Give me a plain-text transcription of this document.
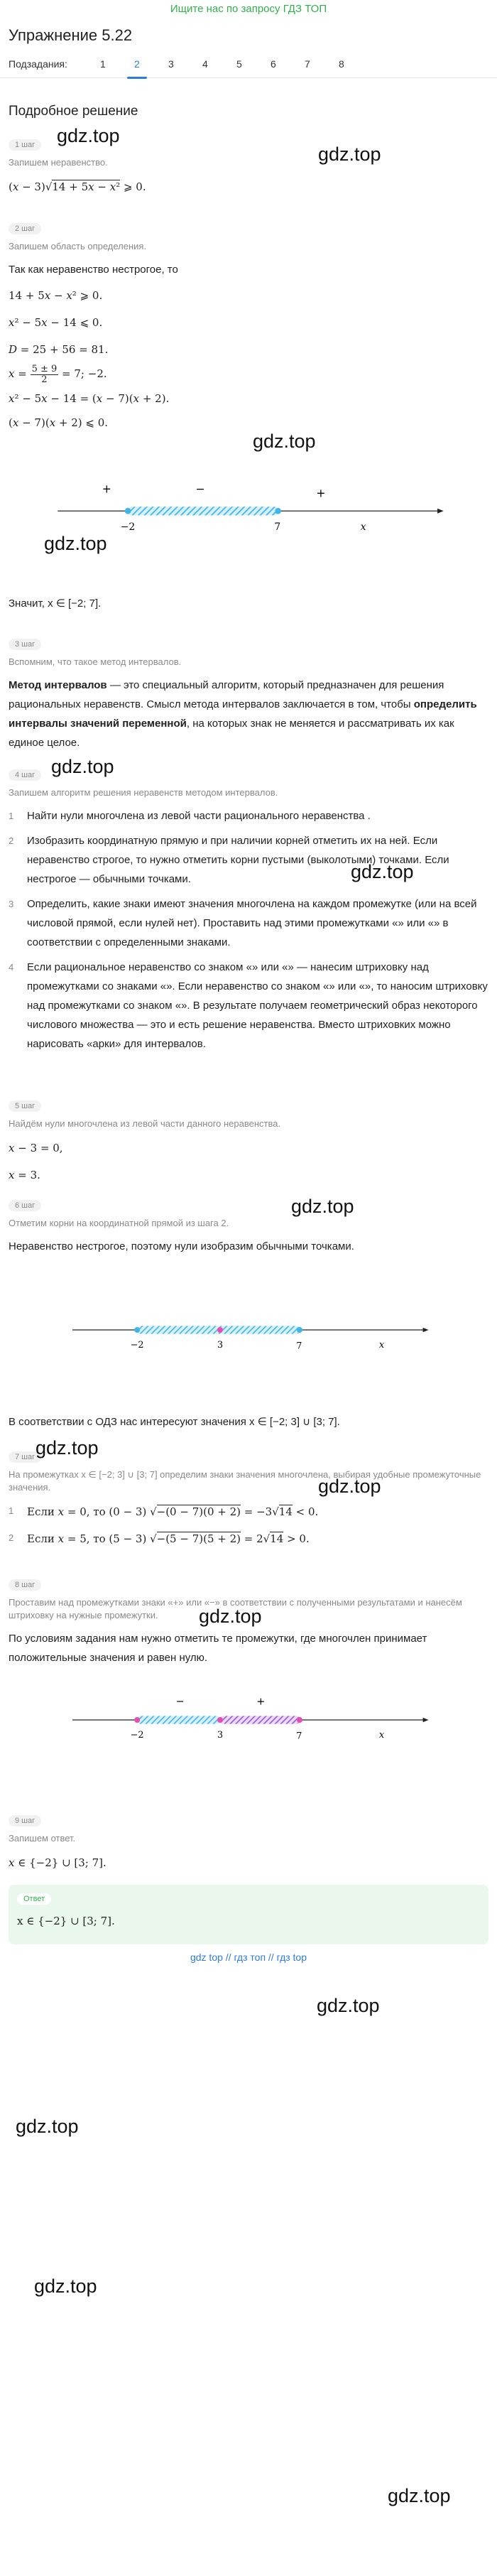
Ищите нас по запросу ГДЗ ТОП
Упражнение 5.22
Подзадания:	1	2	3	4	5	6	7	8
Подробное решение
1 шаг
Запишем неравенство.
(x − 3)√14 + 5x − x² ⩾ 0.
2 шаг
Запишем область определения.
Так как неравенство нестрогое, то
14 + 5x − x² ⩾ 0.
x² − 5x − 14 ⩽ 0.
D = 25 + 56 = 81.
$x = \frac{5 \pm 9}{2} = 7$; −2.
x² − 5x − 14 = (x − 7)(x + 2).
(x − 7)(x + 2) ⩽ 0.
+	−	+
−2	7	x
Значит, x ∈ [−2; 7].
3 шаг
Вспомним, что такое метод интервалов.
Метод интервалов — это специальный алгоритм, который предназначен для решения рациональных неравенств. Смысл метода интервалов заключается в том, чтобы определить интервалы значений переменной, на которых знак не меняется и рассматривать их как единое целое.
4 шаг
Запишем алгоритм решения неравенств методом интервалов.
1	Найти нули многочлена из левой части рационального неравенства .
2	Изобразить координатную прямую и при наличии корней отметить их на ней. Если неравенство строгое, то нужно отметить корни пустыми (выколотыми) точками. Если нестрогое — обычными точками.
3	Определить, какие знаки имеют значения многочлена на каждом промежутке (или на всей числовой прямой, если нулей нет). Проставить над этими промежутками «» или «» в соответствии с определенными знаками.
4	Если рациональное неравенство со знаком «» или «» — нанесим штриховку над промежутками со знаками «». Если неравенство со знаком «» или «», то наносим штриховку над промежутками со знаком «». В результате получаем геометрический образ некоторого числового множества — это и есть решение неравенства. Вместо штриховких можно нарисовать «арки» для интервалов.
5 шаг
Найдём нули многочлена из левой части данного неравенства.
x − 3 = 0,
x = 3.
6 шаг
Отметим корни на координатной прямой из шага 2.
Неравенство нестрогое, поэтому нули изобразим обычными точками.
−2	3	7	x
В соответствии с ОДЗ нас интересуют значения x ∈ [−2; 3] ∪ [3; 7].
7 шаг
На промежутках x ∈ [−2; 3] ∪ [3; 7] определим знаки значения многочлена, выбирая удобные промежуточные значения.
1	Если x = 0, то (0 − 3) √−(0 − 7)(0 + 2) = −3√14 < 0.
2	Если x = 5, то (5 − 3) √−(5 − 7)(5 + 2) = 2√14 > 0.
8 шаг
Проставим над промежутками знаки «+» или «−» в соответствии с полученными результатами и нанесём штриховку на нужные промежутки.
По условиям задания нам нужно отметить те промежутки, где многочлен принимает положительные значения и равен нулю.
−	+
−2	3	7	x
9 шаг
Запишем ответ.
x ∈ {−2} ∪ [3; 7].
Ответ
x ∈ {−2} ∪ [3; 7].
gdz top // гдз топ // гдз top
gdz.top
gdz.top
gdz.top
gdz.top
gdz.top
gdz.top
gdz.top
gdz.top
gdz.top
gdz.top
gdz.top
gdz.top
gdz.top
gdz.top
